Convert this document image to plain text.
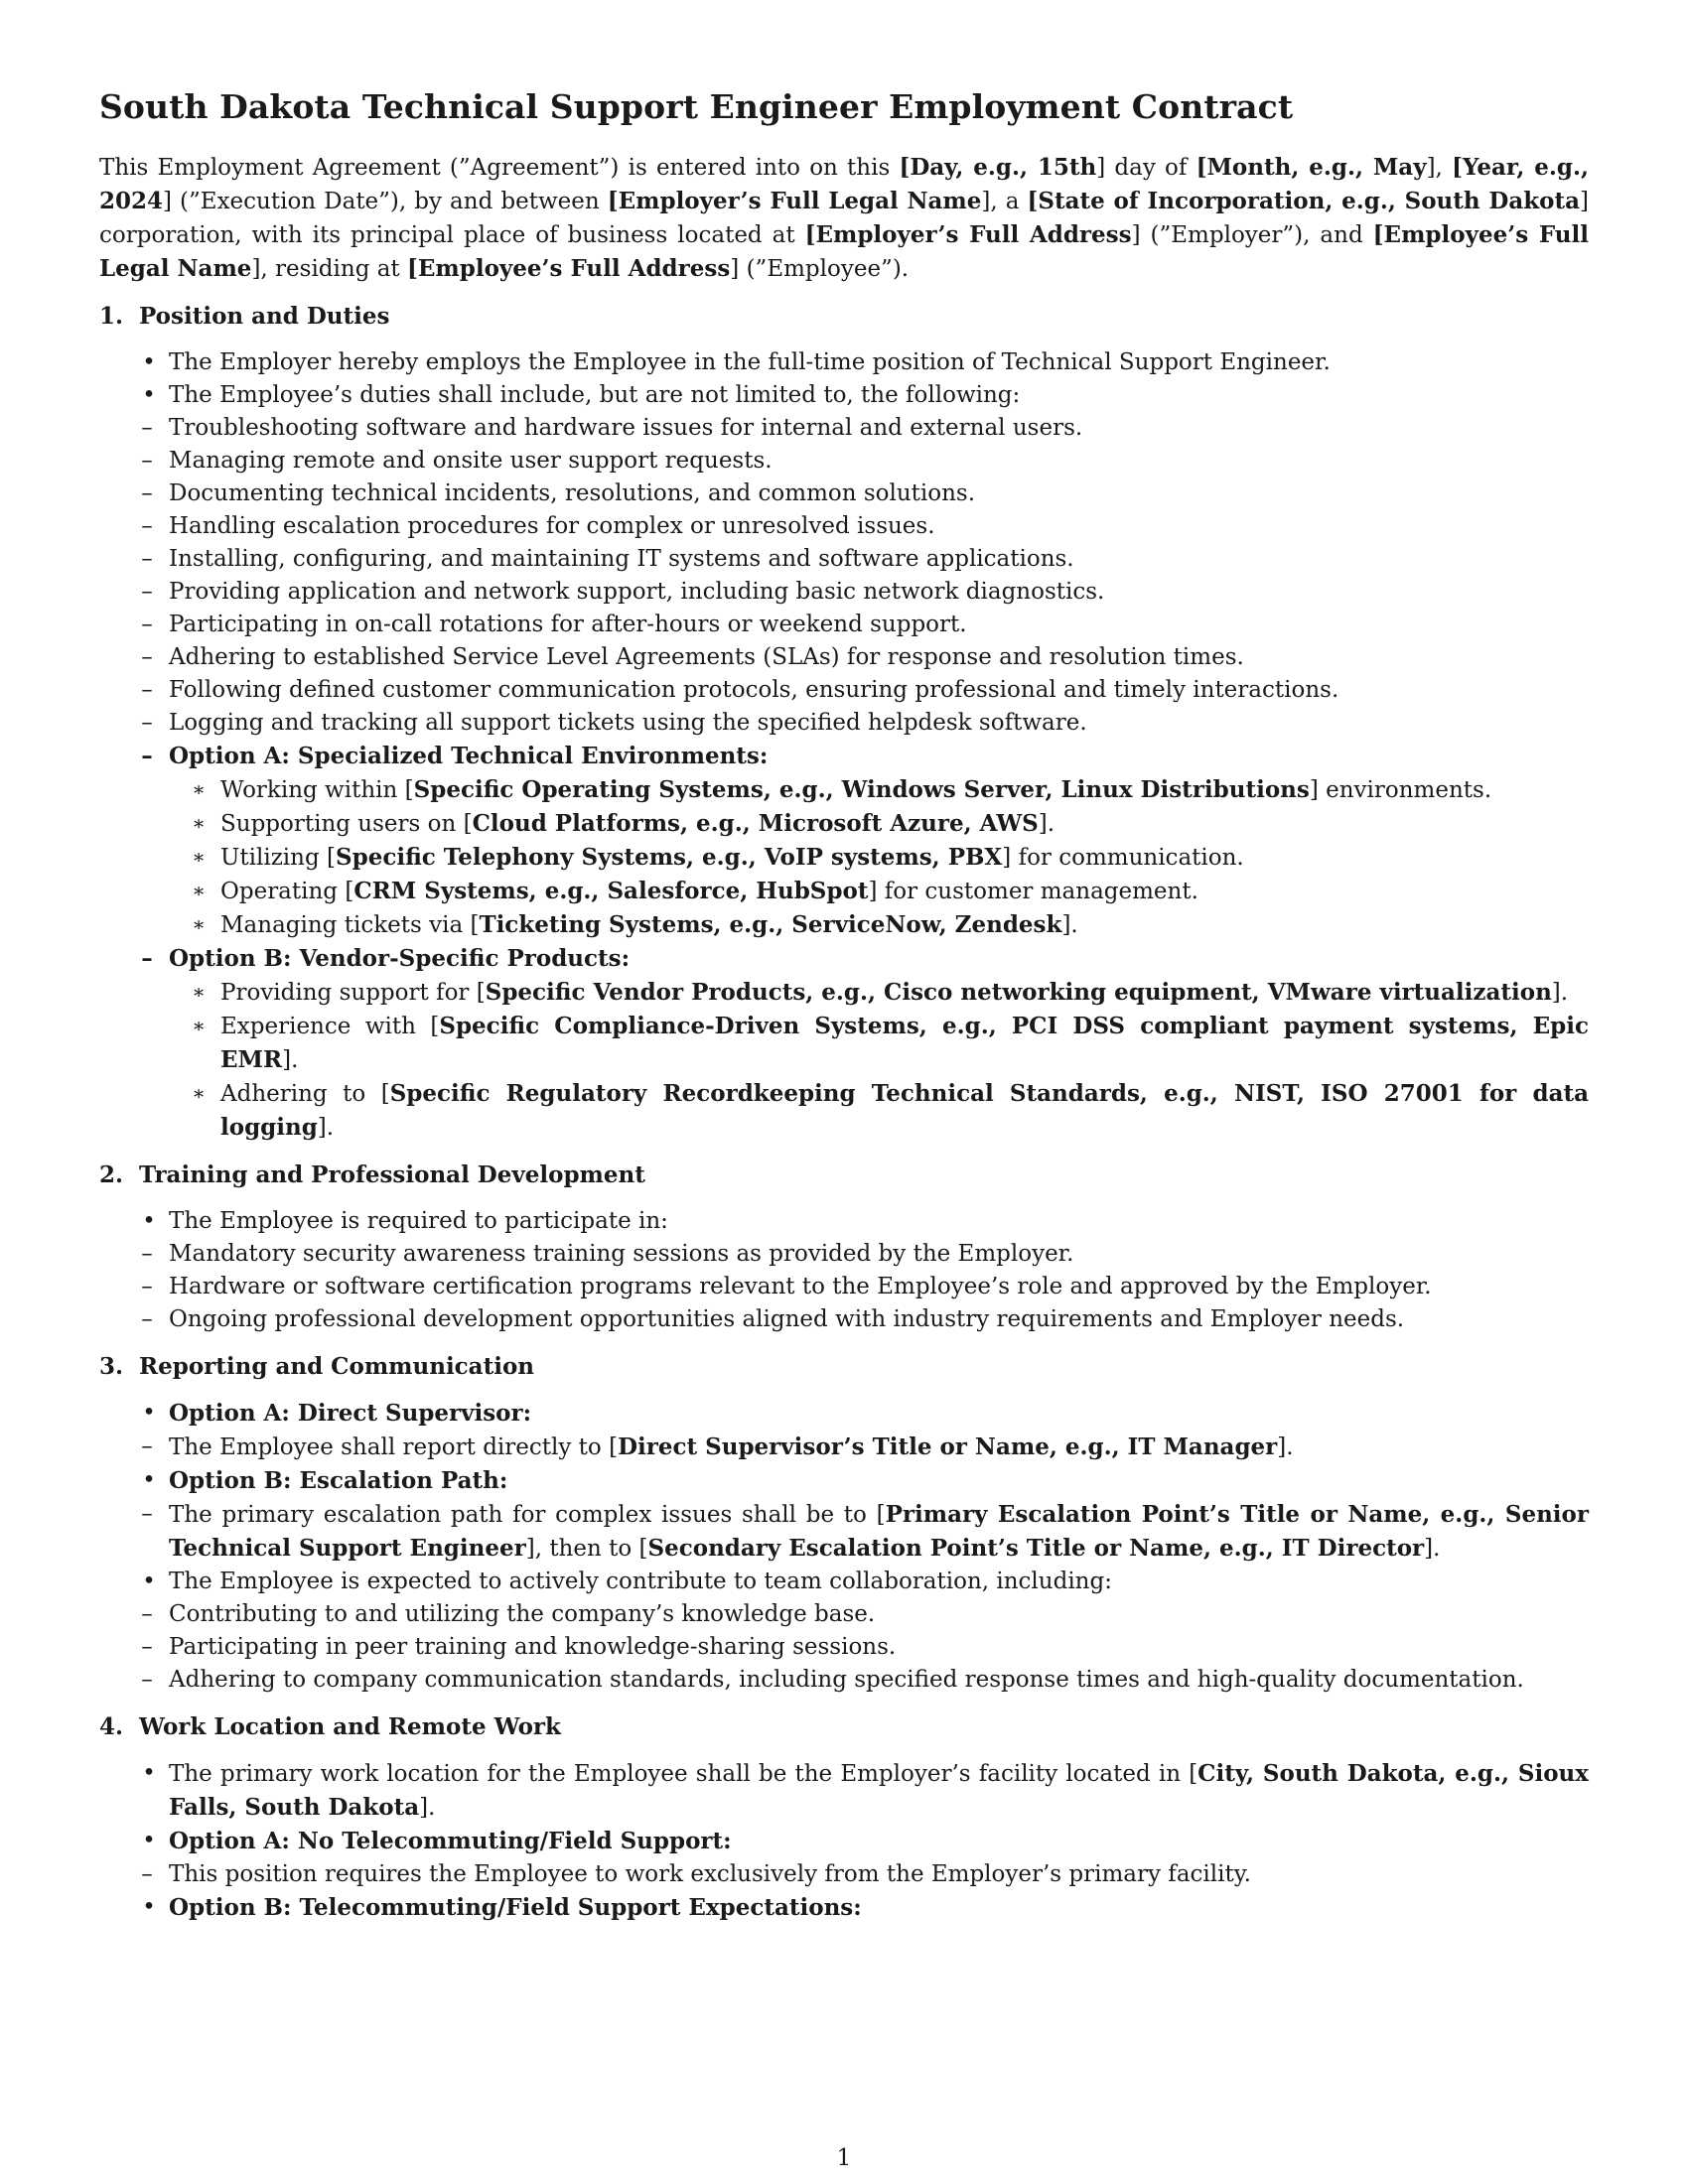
South Dakota Technical Support Engineer Employment Contract

This Employment Agreement (”Agreement”) is entered into on this [Day, e.g., 15th] day of [Month, e.g., May], [Year, e.g., 2024] (”Execution Date”), by and between [Employer’s Full Legal Name], a [State of Incorporation, e.g., South Dakota] corporation, with its principal place of business located at [Employer’s Full Address] (”Employer”), and [Employee’s Full Legal Name], residing at [Employee’s Full Address] (”Employee”).

1. Position and Duties
• The Employer hereby employs the Employee in the full-time position of Technical Support Engineer.
• The Employee’s duties shall include, but are not limited to, the following:
– Troubleshooting software and hardware issues for internal and external users.
– Managing remote and onsite user support requests.
– Documenting technical incidents, resolutions, and common solutions.
– Handling escalation procedures for complex or unresolved issues.
– Installing, configuring, and maintaining IT systems and software applications.
– Providing application and network support, including basic network diagnostics.
– Participating in on-call rotations for after-hours or weekend support.
– Adhering to established Service Level Agreements (SLAs) for response and resolution times.
– Following defined customer communication protocols, ensuring professional and timely interactions.
– Logging and tracking all support tickets using the specified helpdesk software.
– Option A: Specialized Technical Environments:
∗ Working within [Specific Operating Systems, e.g., Windows Server, Linux Distributions] environments.
∗ Supporting users on [Cloud Platforms, e.g., Microsoft Azure, AWS].
∗ Utilizing [Specific Telephony Systems, e.g., VoIP systems, PBX] for communication.
∗ Operating [CRM Systems, e.g., Salesforce, HubSpot] for customer management.
∗ Managing tickets via [Ticketing Systems, e.g., ServiceNow, Zendesk].
– Option B: Vendor-Specific Products:
∗ Providing support for [Specific Vendor Products, e.g., Cisco networking equipment, VMware virtualization].
∗ Experience with [Specific Compliance-Driven Systems, e.g., PCI DSS compliant payment systems, Epic EMR].
∗ Adhering to [Specific Regulatory Recordkeeping Technical Standards, e.g., NIST, ISO 27001 for data logging].
2. Training and Professional Development
• The Employee is required to participate in:
– Mandatory security awareness training sessions as provided by the Employer.
– Hardware or software certification programs relevant to the Employee’s role and approved by the Employer.
– Ongoing professional development opportunities aligned with industry requirements and Employer needs.
3. Reporting and Communication
• Option A: Direct Supervisor:
– The Employee shall report directly to [Direct Supervisor’s Title or Name, e.g., IT Manager].
• Option B: Escalation Path:
– The primary escalation path for complex issues shall be to [Primary Escalation Point’s Title or Name, e.g., Senior Technical Support Engineer], then to [Secondary Escalation Point’s Title or Name, e.g., IT Director].
• The Employee is expected to actively contribute to team collaboration, including:
– Contributing to and utilizing the company’s knowledge base.
– Participating in peer training and knowledge-sharing sessions.
– Adhering to company communication standards, including specified response times and high-quality documentation.
4. Work Location and Remote Work
• The primary work location for the Employee shall be the Employer’s facility located in [City, South Dakota, e.g., Sioux Falls, South Dakota].
• Option A: No Telecommuting/Field Support:
– This position requires the Employee to work exclusively from the Employer’s primary facility.
• Option B: Telecommuting/Field Support Expectations:
1
